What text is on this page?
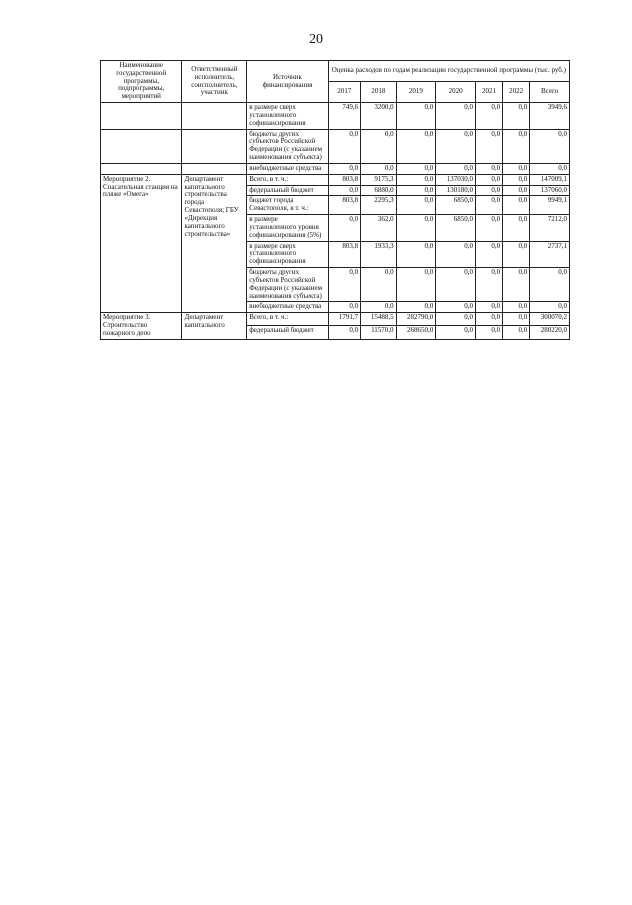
20
Наименование государственной программы, подпрограммы, мероприятий	Ответственный исполнитель, соисполнитель, участник	Источник финансирования	Оценка расходов по годам реализации государственной программы (тыс. руб.)						
			2017	2018	2019	2020	2021	2022	Всего
		в размере сверх установленного софинансирования	749,6	3200,0	0,0	0,0	0,0	0,0	3949,6
		бюджеты других субъектов Российской Федерации (с указанием наименования субъекта)	0,0	0,0	0,0	0,0	0,0	0,0	0,0
		внебюджетные средства	0,0	0,0	0,0	0,0	0,0	0,0	0,0
Мероприятие 2. Спасательная станция на пляже «Омега»	Департамент капитального строительства города Севастополя; ГБУ «Дирекция капитального строительства»	Всего, в т. ч.:	803,8	9175,3	0,0	137030,0	0,0	0,0	147009,1
		федеральный бюджет	0,0	6880,0	0,0	130180,0	0,0	0,0	137060,0
		бюджет города Севастополя, в т. ч.:	803,8	2295,3	0,0	6850,0	0,0	0,0	9949,1
		в размере установленного уровня софинансирования (5%)	0,0	362,0	0,0	6850,0	0,0	0,0	7212,0
		в размере сверх установленного софинансирования	803,8	1933,3	0,0	0,0	0,0	0,0	2737,1
		бюджеты других субъектов Российской Федерации (с указанием наименования субъекта)	0,0	0,0	0,0	0,0	0,0	0,0	0,0
		внебюджетные средства	0,0	0,0	0,0	0,0	0,0	0,0	0,0
Мероприятие 3. Строительство пожарного депо	Департамент капитального	Всего, в т. ч.:	1791,7	15488,5	282790,0	0,0	0,0	0,0	300070,2
		федеральный бюджет	0,0	11570,0	268650,0	0,0	0,0	0,0	280220,0
